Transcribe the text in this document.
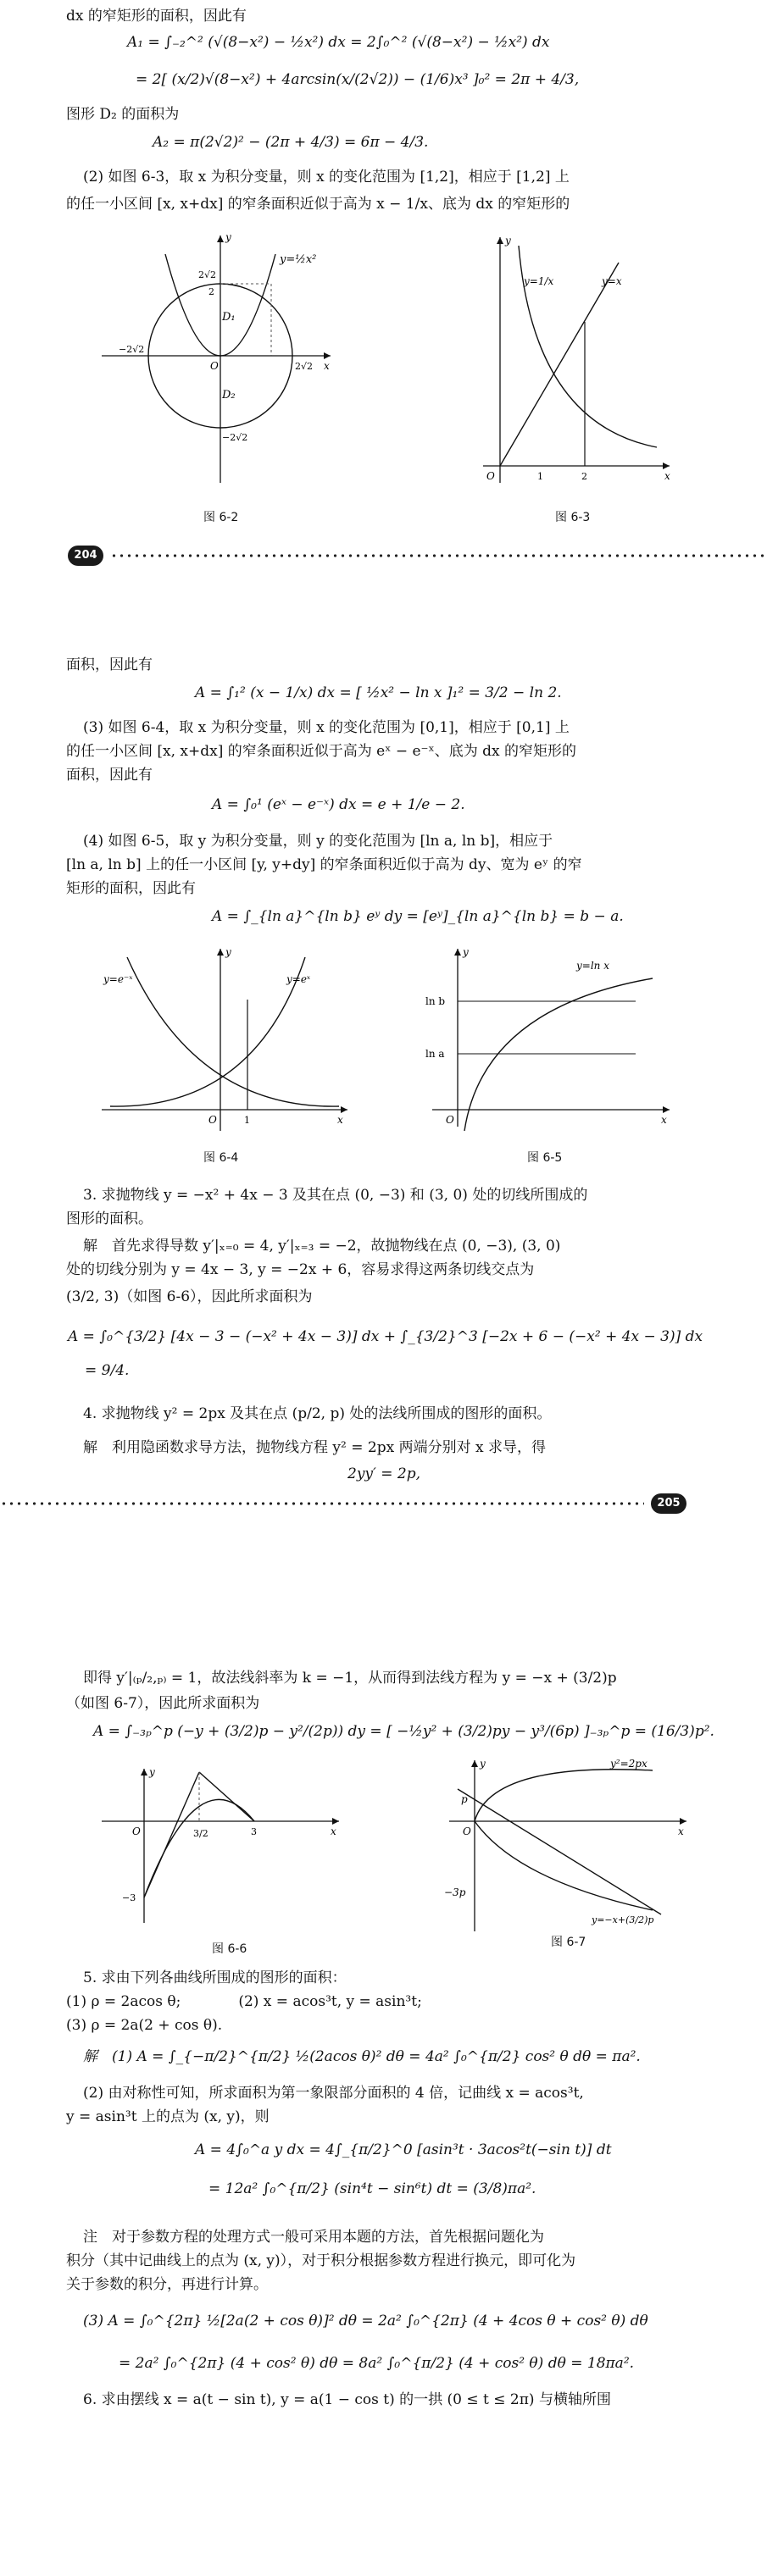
dx 的窄矩形的面积，因此有
A₁ = ∫₋₂^² (√(8−x²) − ½x²) dx = 2∫₀^² (√(8−x²) − ½x²) dx
= 2[ (x/2)√(8−x²) + 4arcsin(x/(2√2)) − (1/6)x³ ]₀² = 2π + 4/3,
图形 D₂ 的面积为
A₂ = π(2√2)² − (2π + 4/3) = 6π − 4/3.
(2) 如图 6-3，取 x 为积分变量，则 x 的变化范围为 [1,2]，相应于 [1,2] 上
的任一小区间 [x, x+dx] 的窄条面积近似于高为 x − 1/x、底为 dx 的窄矩形的
y=½x²
2√2
2
D₁
D₂
O
−2√2
2√2
−2√2
x
y
图 6-2
y=1/x	y=x
O	1	2	x
y
图 6-3
204
面积，因此有
A = ∫₁² (x − 1/x) dx = [ ½x² − ln x ]₁² = 3/2 − ln 2.
(3) 如图 6-4，取 x 为积分变量，则 x 的变化范围为 [0,1]，相应于 [0,1] 上
的任一小区间 [x, x+dx] 的窄条面积近似于高为 eˣ − e⁻ˣ、底为 dx 的窄矩形的
面积，因此有
A = ∫₀¹ (eˣ − e⁻ˣ) dx = e + 1/e − 2.
(4) 如图 6-5，取 y 为积分变量，则 y 的变化范围为 [ln a, ln b]，相应于
[ln a, ln b] 上的任一小区间 [y, y+dy] 的窄条面积近似于高为 dy、宽为 eʸ 的窄
矩形的面积，因此有
A = ∫_{ln a}^{ln b} eʸ dy = [eʸ]_{ln a}^{ln b} = b − a.
y=e⁻ˣ	y=eˣ
O	1	x
y
图 6-4
y=ln x
ln b
ln a
O	x
y
图 6-5
3. 求抛物线 y = −x² + 4x − 3 及其在点 (0, −3) 和 (3, 0) 处的切线所围成的
图形的面积。
解　首先求得导数 y′|ₓ₌₀ = 4, y′|ₓ₌₃ = −2，故抛物线在点 (0, −3), (3, 0)
处的切线分别为 y = 4x − 3, y = −2x + 6，容易求得这两条切线交点为
(3/2, 3)（如图 6-6），因此所求面积为
A = ∫₀^{3/2} [4x − 3 − (−x² + 4x − 3)] dx + ∫_{3/2}^3 [−2x + 6 − (−x² + 4x − 3)] dx
= 9/4.
4. 求抛物线 y² = 2px 及其在点 (p/2, p) 处的法线所围成的图形的面积。
解　利用隐函数求导方法，抛物线方程 y² = 2px 两端分别对 x 求导，得
2yy′ = 2p,
205
即得 y′|₍ₚ/₂,ₚ₎ = 1，故法线斜率为 k = −1，从而得到法线方程为 y = −x + (3/2)p
（如图 6-7），因此所求面积为
A = ∫₋₃ₚ^p (−y + (3/2)p − y²/(2p)) dy = [ −½y² + (3/2)py − y³/(6p) ]₋₃ₚ^p = (16/3)p².
O	3/2	3
−3
x
y
图 6-6
y²=2px
y=−x+(3/2)p
p
−3p
O	x
y
图 6-7
5. 求由下列各曲线所围成的图形的面积：
(1) ρ = 2acos θ;　　　　(2) x = acos³t, y = asin³t;
(3) ρ = 2a(2 + cos θ).
解　(1) A = ∫_{−π/2}^{π/2} ½(2acos θ)² dθ = 4a² ∫₀^{π/2} cos² θ dθ = πa².
(2) 由对称性可知，所求面积为第一象限部分面积的 4 倍，记曲线 x = acos³t,
y = asin³t 上的点为 (x, y)，则
A = 4∫₀^a y dx = 4∫_{π/2}^0 [asin³t · 3acos²t(−sin t)] dt
= 12a² ∫₀^{π/2} (sin⁴t − sin⁶t) dt = (3/8)πa².
注　对于参数方程的处理方式一般可采用本题的方法，首先根据问题化为
积分（其中记曲线上的点为 (x, y)），对于积分根据参数方程进行换元，即可化为
关于参数的积分，再进行计算。
(3) A = ∫₀^{2π} ½[2a(2 + cos θ)]² dθ = 2a² ∫₀^{2π} (4 + 4cos θ + cos² θ) dθ
= 2a² ∫₀^{2π} (4 + cos² θ) dθ = 8a² ∫₀^{π/2} (4 + cos² θ) dθ = 18πa².
6. 求由摆线 x = a(t − sin t), y = a(1 − cos t) 的一拱 (0 ≤ t ≤ 2π) 与横轴所围
